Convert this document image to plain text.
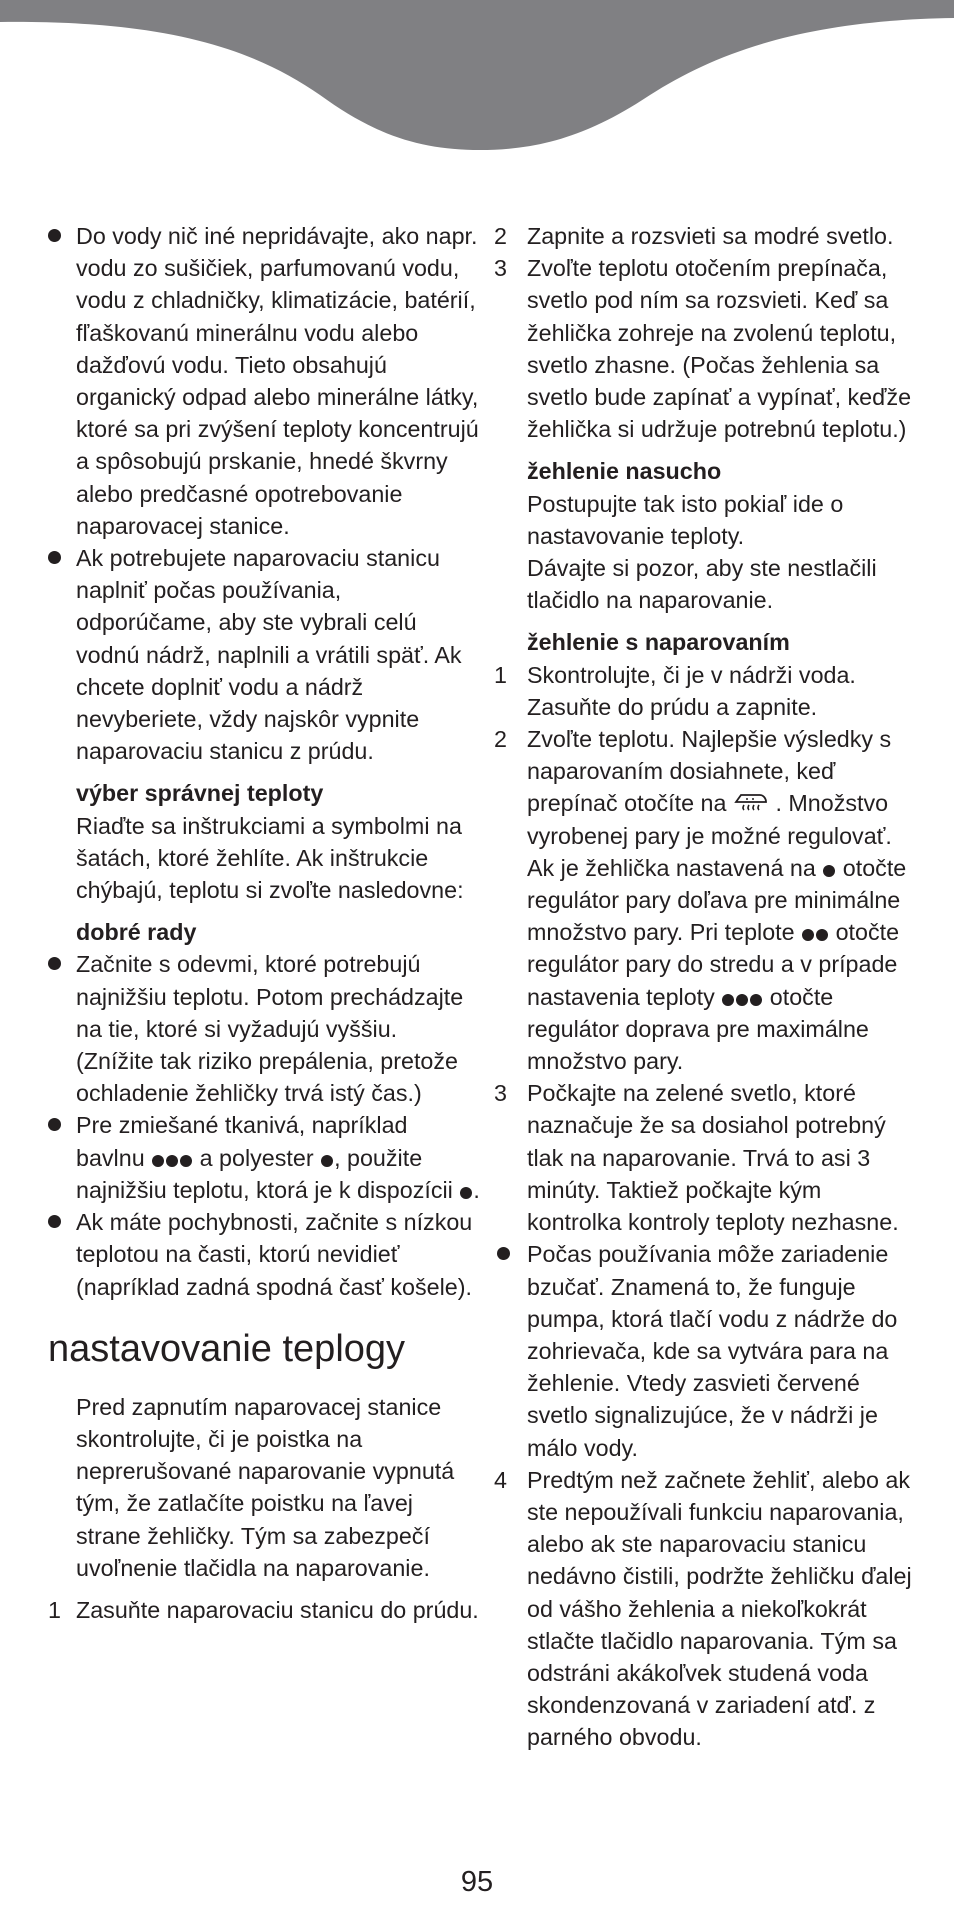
Do vody nič iné nepridávajte, ako napr. vodu zo sušičiek, parfumovanú vodu, vodu z chladničky, klimatizácie, batérií, fľaškovanú minerálnu vodu alebo dažďovú vodu. Tieto obsahujú organický odpad alebo minerálne látky, ktoré sa pri zvýšení teploty koncentrujú a spôsobujú prskanie, hnedé škvrny alebo predčasné opotrebovanie naparovacej stanice.
Ak potrebujete naparovaciu stanicu naplniť počas používania, odporúčame, aby ste vybrali celú vodnú nádrž, naplnili a vrátili späť. Ak chcete doplniť vodu a nádrž nevyberiete, vždy najskôr vypnite naparovaciu stanicu z prúdu.
výber správnej teploty
Riaďte sa inštrukciami a symbolmi na šatách, ktoré žehlíte. Ak inštrukcie chýbajú, teplotu si zvoľte nasledovne:
dobré rady
Začnite s odevmi, ktoré potrebujú najnižšiu teplotu. Potom prechádzajte na tie, ktoré si vyžadujú vyššiu. (Znížite tak riziko prepálenia, pretože ochladenie žehličky trvá istý čas.)
Pre zmiešané tkanivá, napríklad bavlnu a polyester , použite najnižšiu teplotu, ktorá je k dispozícii .
Ak máte pochybnosti, začnite s nízkou teplotou na časti, ktorú nevidieť (napríklad zadná spodná časť košele).
nastavovanie teplogy
Pred zapnutím naparovacej stanice skontrolujte, či je poistka na neprerušované naparovanie vypnutá tým, že zatlačíte poistku na ľavej strane žehličky. Tým sa zabezpečí uvoľnenie tlačidla na naparovanie.
1 Zasuňte naparovaciu stanicu do prúdu.
2 Zapnite a rozsvieti sa modré svetlo.
3 Zvoľte teplotu otočením prepínača, svetlo pod ním sa rozsvieti. Keď sa žehlička zohreje na zvolenú teplotu, svetlo zhasne. (Počas žehlenia sa svetlo bude zapínať a vypínať, keďže žehlička si udržuje potrebnú teplotu.)
žehlenie nasucho
Postupujte tak isto pokiaľ ide o nastavovanie teploty.
Dávajte si pozor, aby ste nestlačili tlačidlo na naparovanie.
žehlenie s naparovaním
1 Skontrolujte, či je v nádrži voda. Zasuňte do prúdu a zapnite.
2 Zvoľte teplotu. Najlepšie výsledky s naparovaním dosiahnete, keď prepínač otočíte na . Množstvo vyrobenej pary je možné regulovať. Ak je žehlička nastavená na otočte regulátor pary doľava pre minimálne množstvo pary. Pri teplote otočte regulátor pary do stredu a v prípade nastavenia teploty otočte regulátor doprava pre maximálne množstvo pary.
3 Počkajte na zelené svetlo, ktoré naznačuje že sa dosiahol potrebný tlak na naparovanie. Trvá to asi 3 minúty. Taktiež počkajte kým kontrolka kontroly teploty nezhasne.
Počas používania môže zariadenie bzučať. Znamená to, že funguje pumpa, ktorá tlačí vodu z nádrže do zohrievača, kde sa vytvára para na žehlenie. Vtedy zasvieti červené svetlo signalizujúce, že v nádrži je málo vody.
4 Predtým než začnete žehliť, alebo ak ste nepoužívali funkciu naparovania, alebo ak ste naparovaciu stanicu nedávno čistili, podržte žehličku ďalej od vášho žehlenia a niekoľkokrát stlačte tlačidlo naparovania. Tým sa odstráni akákoľvek studená voda skondenzovaná v zariadení atď. z parného obvodu.
95
